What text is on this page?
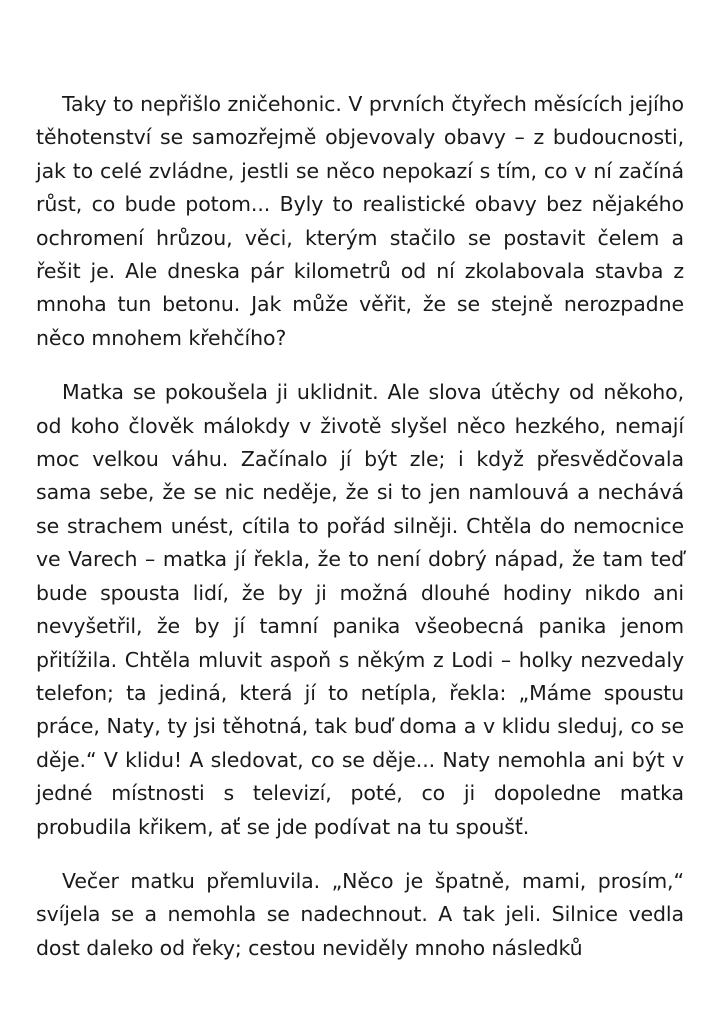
Taky to nepřišlo zničehonic. V prvních čtyřech měsících jejího těhotenství se samozřejmě objevovaly obavy – z budoucnosti, jak to celé zvládne, jestli se něco nepokazí s tím, co v ní začíná růst, co bude potom... Byly to realistické obavy bez nějakého ochromení hrůzou, věci, kterým stačilo se postavit čelem a řešit je. Ale dneska pár kilometrů od ní zkolabovala stavba z mnoha tun betonu. Jak může věřit, že se stejně nerozpadne něco mnohem křehčího?

Matka se pokoušela ji uklidnit. Ale slova útěchy od někoho, od koho člověk málokdy v životě slyšel něco hezkého, nemají moc velkou váhu. Začínalo jí být zle; i když přesvědčovala sama sebe, že se nic neděje, že si to jen namlouvá a nechává se strachem unést, cítila to pořád silněji. Chtěla do nemocnice ve Varech – matka jí řekla, že to není dobrý nápad, že tam teď bude spousta lidí, že by ji možná dlouhé hodiny nikdo ani nevyšetřil, že by jí tamní panika všeobecná panika jenom přitížila. Chtěla mluvit aspoň s někým z Lodi – holky nezvedaly telefon; ta jediná, která jí to netípla, řekla: „Máme spoustu práce, Naty, ty jsi těhotná, tak buď doma a v klidu sleduj, co se děje.“ V klidu! A sledovat, co se děje... Naty nemohla ani být v jedné místnosti s televizí, poté, co ji dopoledne matka probudila křikem, ať se jde podívat na tu spoušť.

Večer matku přemluvila. „Něco je špatně, mami, prosím,“ svíjela se a nemohla se nadechnout. A tak jeli. Silnice vedla dost daleko od řeky; cestou neviděly mnoho následků
